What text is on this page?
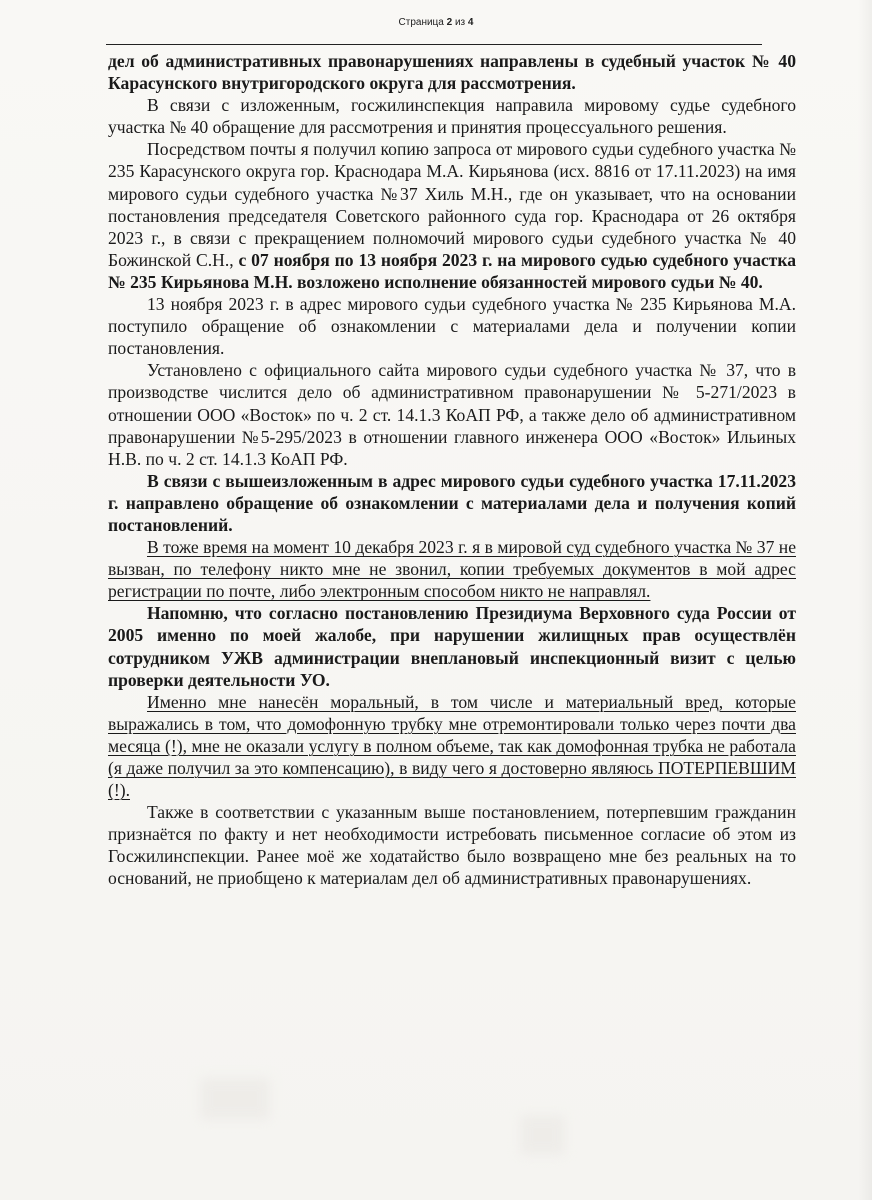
Страница 2 из 4

дел об административных правонарушениях направлены в судебный участок № 40 Карасунского внутригородского округа для рассмотрения.

В связи с изложенным, госжилинспекция направила мировому судье судебного участка № 40 обращение для рассмотрения и принятия процессуального решения.

Посредством почты я получил копию запроса от мирового судьи судебного участка № 235 Карасунского округа гор. Краснодара М.А. Кирьянова (исх. 8816 от 17.11.2023) на имя мирового судьи судебного участка №37 Хиль М.Н., где он указывает, что на основании постановления председателя Советского районного суда гор. Краснодара от 26 октября 2023 г., в связи с прекращением полномочий мирового судьи судебного участка № 40 Божинской С.Н., с 07 ноября по 13 ноября 2023 г. на мирового судью судебного участка № 235 Кирьянова М.Н. возложено исполнение обязанностей мирового судьи № 40.

13 ноября 2023 г. в адрес мирового судьи судебного участка № 235 Кирьянова М.А. поступило обращение об ознакомлении с материалами дела и получении копии постановления.

Установлено с официального сайта мирового судьи судебного участка № 37, что в производстве числится дело об административном правонарушении № 5-271/2023 в отношении ООО «Восток» по ч. 2 ст. 14.1.3 КоАП РФ, а также дело об административном правонарушении №5-295/2023 в отношении главного инженера ООО «Восток» Ильиных Н.В. по ч. 2 ст. 14.1.3 КоАП РФ.

В связи с вышеизложенным в адрес мирового судьи судебного участка 17.11.2023 г. направлено обращение об ознакомлении с материалами дела и получения копий постановлений.

В тоже время на момент 10 декабря 2023 г. я в мировой суд судебного участка № 37 не вызван, по телефону никто мне не звонил, копии требуемых документов в мой адрес регистрации по почте, либо электронным способом никто не направлял.

Напомню, что согласно постановлению Президиума Верховного суда России от 2005 именно по моей жалобе, при нарушении жилищных прав осуществлён сотрудником УЖВ администрации внеплановый инспекционный визит с целью проверки деятельности УО.

Именно мне нанесён моральный, в том числе и материальный вред, которые выражались в том, что домофонную трубку мне отремонтировали только через почти два месяца (!), мне не оказали услугу в полном объеме, так как домофонная трубка не работала (я даже получил за это компенсацию), в виду чего я достоверно являюсь ПОТЕРПЕВШИМ (!).

Также в соответствии с указанным выше постановлением, потерпевшим гражданин признаётся по факту и нет необходимости истребовать письменное согласие об этом из Госжилинспекции. Ранее моё же ходатайство было возвращено мне без реальных на то оснований, не приобщено к материалам дел об административных правонарушениях.
